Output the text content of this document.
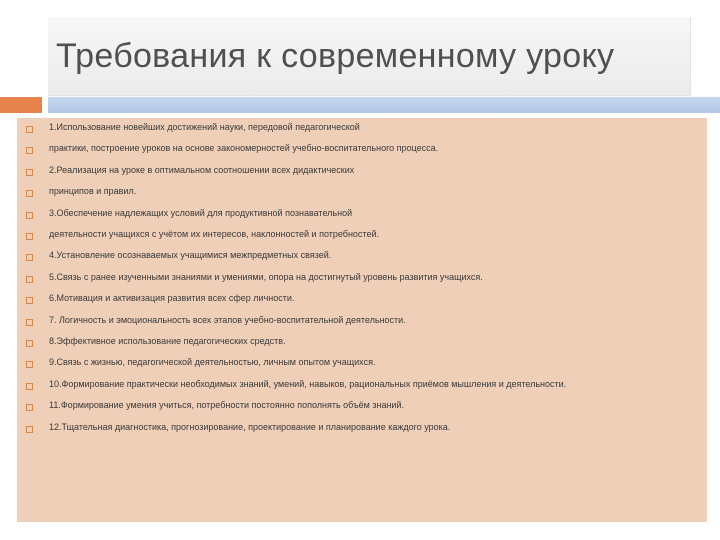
Требования к современному уроку
1.Использование новейших достижений науки, передовой педагогической
практики, построение уроков на основе закономерностей учебно-воспитательного процесса.
2.Реализация на уроке в оптимальном соотношении всех дидактических
принципов и правил.
3.Обеспечение надлежащих условий для продуктивной познавательной
деятельности учащихся с учётом их интересов, наклонностей и потребностей.
4.Установление осознаваемых учащимися межпредметных связей.
5.Связь с ранее изученными знаниями и умениями, опора на достигнутый уровень развития учащихся.
6.Мотивация и активизация развития всех сфер личности.
7. Логичность и эмоциональность всех этапов учебно-воспитательной деятельности.
8.Эффективное использование педагогических средств.
9.Связь с жизнью, педагогической деятельностью, личным опытом учащихся.
10.Формирование практически необходимых знаний, умений, навыков, рациональных приёмов мышления и деятельности.
11.Формирование умения учиться, потребности постоянно пополнять объём знаний.
12.Тщательная диагностика, прогнозирование, проектирование и планирование каждого урока.
